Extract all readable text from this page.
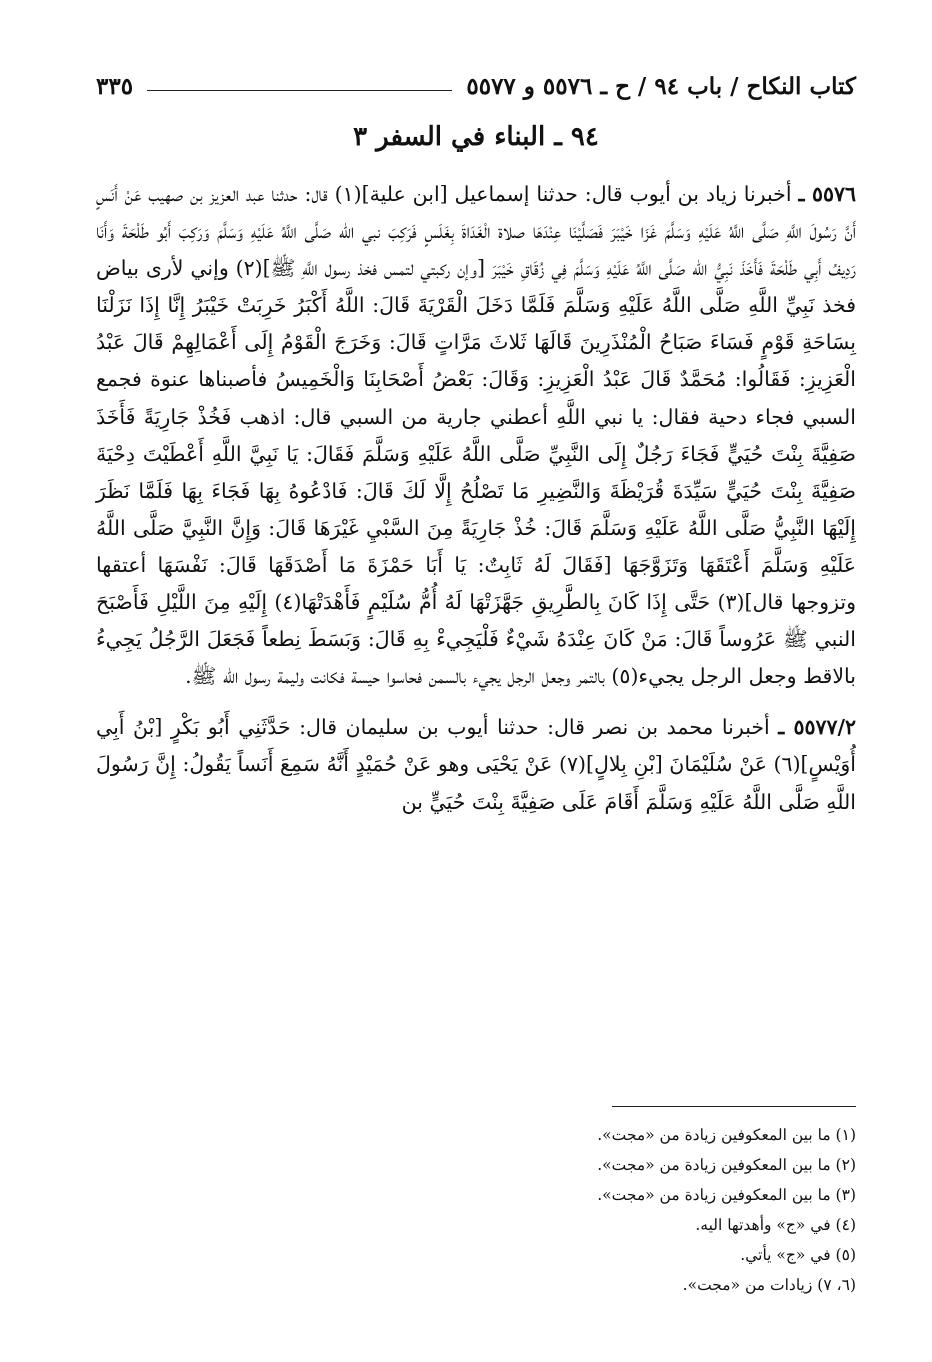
كتاب النكاح / باب ٩٤ / ح ـ ٥٥٧٦ و ٥٥٧٧
٣٣٥
٩٤ ـ البناء في السفر ٣

٥٥٧٦ ـ أخبرنا زياد بن أيوب قال: حدثنا إسماعيل [ابن علية](١) قال: حدثنا عبد العزيز بن صهيب عَنْ أَنَسٍ أَنَّ رَسُولَ اللَّهِ صَلَّى اللَّهُ عَلَيْهِ وَسَلَّمَ غَزَا خَيْبَرَ فَصَلَّيْنَا عِنْدَهَا صلاة الْغَدَاةَ بِغَلَسٍ فَرَكِبَ نبي الله صَلَّى اللَّهُ عَلَيْهِ وَسَلَّمَ وَرَكِبَ أَبُو طَلْحَةَ وَأَنَا رَدِيفُ أَبِي طَلْحَةَ فَأَخَذَ نَبِيُّ الله صَلَّى اللَّهُ عَلَيْهِ وَسَلَّمَ فِي زُقَاقِ خَيْبَرَ [وإن ركبتي لتمس فخذ رسول اللَّهِ ﷺ](٢) وإني لأرى بياض فخذ نَبِيِّ اللَّهِ صَلَّى اللَّهُ عَلَيْهِ وَسَلَّمَ فَلَمَّا دَخَلَ الْقَرْيَةَ قَالَ: اللَّهُ أَكْبَرُ خَرِبَتْ خَيْبَرُ إِنَّا إِذَا نَزَلْنَا بِسَاحَةِ قَوْمٍ فَسَاءَ صَبَاحُ الْمُنْذَرِينَ قَالَهَا ثَلاثَ مَرَّاتٍ قَالَ: وَخَرَجَ الْقَوْمُ إِلَى أَعْمَالِهِمْ قَالَ عَبْدُ الْعَزِيزِ: فَقَالُوا: مُحَمَّدٌ قَالَ عَبْدُ الْعَزِيزِ: وَقَالَ: بَعْضُ أَصْحَابِنَا وَالْخَمِيسُ فأصبناها عنوة فجمع السبي فجاء دحية فقال: يا نبي اللَّهِ أعطني جارية من السبي قال: اذهب فَخُذْ جَارِيَةً فَأَخَذَ صَفِيَّةَ بِنْتَ حُيَيٍّ فَجَاءَ رَجُلٌ إِلَى النَّبِيِّ صَلَّى اللَّهُ عَلَيْهِ وَسَلَّمَ فَقَالَ: يَا نَبِيَّ اللَّهِ أَعْطَيْتَ دِحْيَةَ صَفِيَّةَ بِنْتَ حُيَيٍّ سَيِّدَةَ قُرَيْظَةَ وَالنَّضِيرِ مَا تَصْلُحُ إِلَّا لَكَ قَالَ: فَادْعُوهُ بِهَا فَجَاءَ بِهَا فَلَمَّا نَظَرَ إِلَيْهَا النَّبِيُّ صَلَّى اللَّهُ عَلَيْهِ وَسَلَّمَ قَالَ: خُذْ جَارِيَةً مِنَ السَّبْيِ غَيْرَهَا قَالَ: وَإِنَّ النَّبِيَّ صَلَّى اللَّهُ عَلَيْهِ وَسَلَّمَ أَعْتَقَهَا وَتَزَوَّجَهَا [فَقَالَ لَهُ ثَابِتٌ: يَا أَبَا حَمْزَةَ مَا أَصْدَقَهَا قَالَ: نَفْسَهَا أعتقها وتزوجها قال](٣) حَتَّى إِذَا كَانَ بِالطَّرِيقِ جَهَّزَتْهَا لَهُ أُمُّ سُلَيْمٍ فَأَهْدَتْهَا(٤) إِلَيْهِ مِنَ اللَّيْلِ فَأَصْبَحَ النبي ﷺ عَرُوساً قَالَ: مَنْ كَانَ عِنْدَهُ شَيْءٌ فَلْيَجِيءْ بِهِ قَالَ: وَبَسَطَ نِطعاً فَجَعَلَ الرَّجُلُ يَجِيءُ بالاقط وجعل الرجل يجيء(٥) بالتمر وجعل الرجل يجيء بالسمن فحاسوا حيسة فكانت وليمة رسول الله ﷺ.

٥٥٧٧/٢ ـ أخبرنا محمد بن نصر قال: حدثنا أيوب بن سليمان قال: حَدَّثَنِي أَبُو بَكْرٍ [بْنُ أَبِي أُوَيْسٍ](٦) عَنْ سُلَيْمَانَ [بْنِ بِلالٍ](٧) عَنْ يَحْيَى وهو عَنْ حُمَيْدٍ أَنَّهُ سَمِعَ أَنَساً يَقُولُ: إِنَّ رَسُولَ اللَّهِ صَلَّى اللَّهُ عَلَيْهِ وَسَلَّمَ أَقَامَ عَلَى صَفِيَّةَ بِنْتَ حُيَيٍّ بن

(١) ما بين المعكوفين زيادة من «مجت».

(٢) ما بين المعكوفين زيادة من «مجت».

(٣) ما بين المعكوفين زيادة من «مجت».

(٤) في «ج» وأهدتها اليه.

(٥) في «ج» يأتي.

(٦، ٧) زيادات من «مجت».
